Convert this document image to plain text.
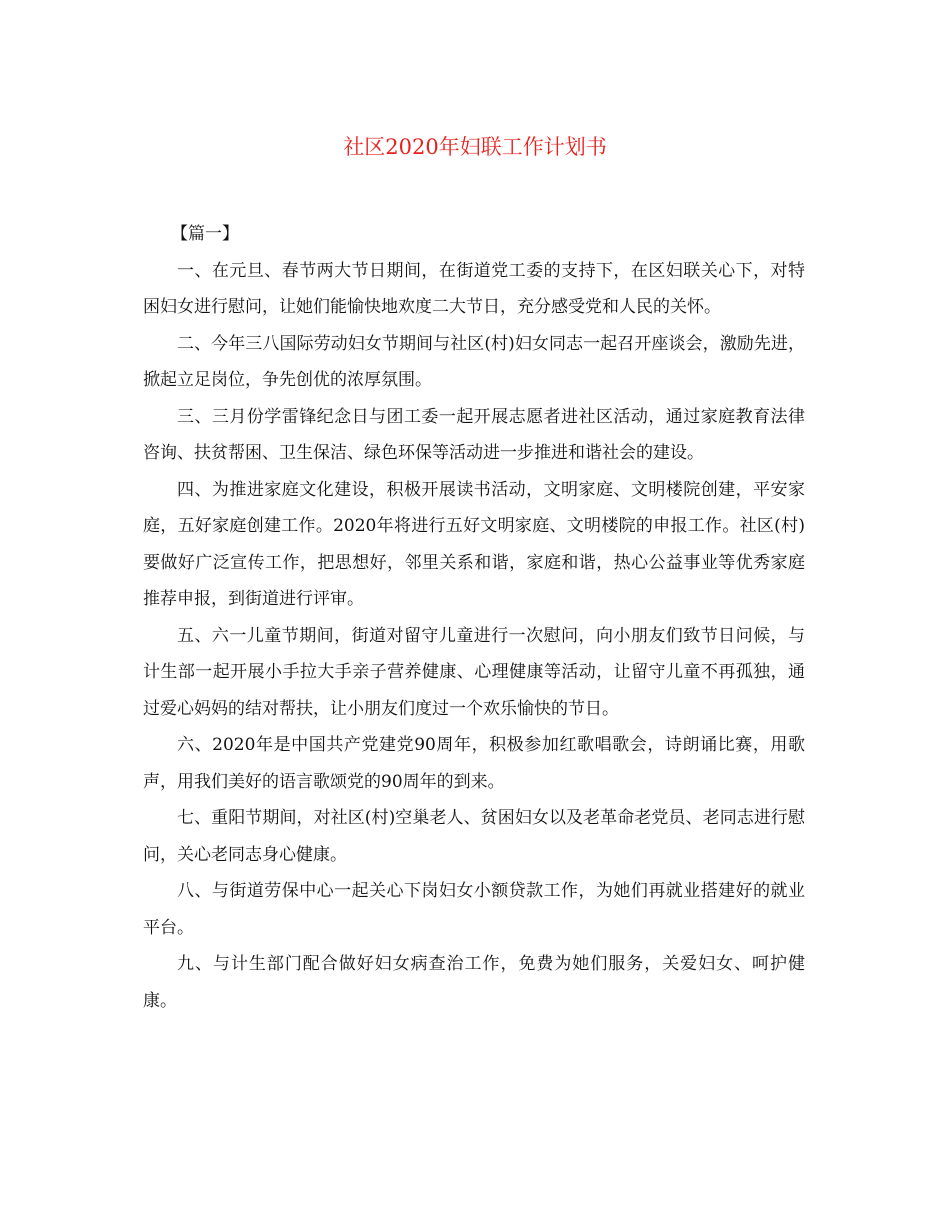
社区2020年妇联工作计划书
【篇一】

一、在元旦、春节两大节日期间，在街道党工委的支持下，在区妇联关心下，对特困妇女进行慰问，让她们能愉快地欢度二大节日，充分感受党和人民的关怀。

二、今年三八国际劳动妇女节期间与社区(村)妇女同志一起召开座谈会，激励先进，掀起立足岗位，争先创优的浓厚氛围。

三、三月份学雷锋纪念日与团工委一起开展志愿者进社区活动，通过家庭教育法律咨询、扶贫帮困、卫生保洁、绿色环保等活动进一步推进和谐社会的建设。

四、为推进家庭文化建设，积极开展读书活动，文明家庭、文明楼院创建，平安家庭，五好家庭创建工作。2020年将进行五好文明家庭、文明楼院的申报工作。社区(村)要做好广泛宣传工作，把思想好，邻里关系和谐，家庭和谐，热心公益事业等优秀家庭推荐申报，到街道进行评审。

五、六一儿童节期间，街道对留守儿童进行一次慰问，向小朋友们致节日问候，与计生部一起开展小手拉大手亲子营养健康、心理健康等活动，让留守儿童不再孤独，通过爱心妈妈的结对帮扶，让小朋友们度过一个欢乐愉快的节日。

六、2020年是中国共产党建党90周年，积极参加红歌唱歌会，诗朗诵比赛，用歌声，用我们美好的语言歌颂党的90周年的到来。

七、重阳节期间，对社区(村)空巢老人、贫困妇女以及老革命老党员、老同志进行慰问，关心老同志身心健康。

八、与街道劳保中心一起关心下岗妇女小额贷款工作，为她们再就业搭建好的就业平台。

九、与计生部门配合做好妇女病查治工作，免费为她们服务，关爱妇女、呵护健康。
